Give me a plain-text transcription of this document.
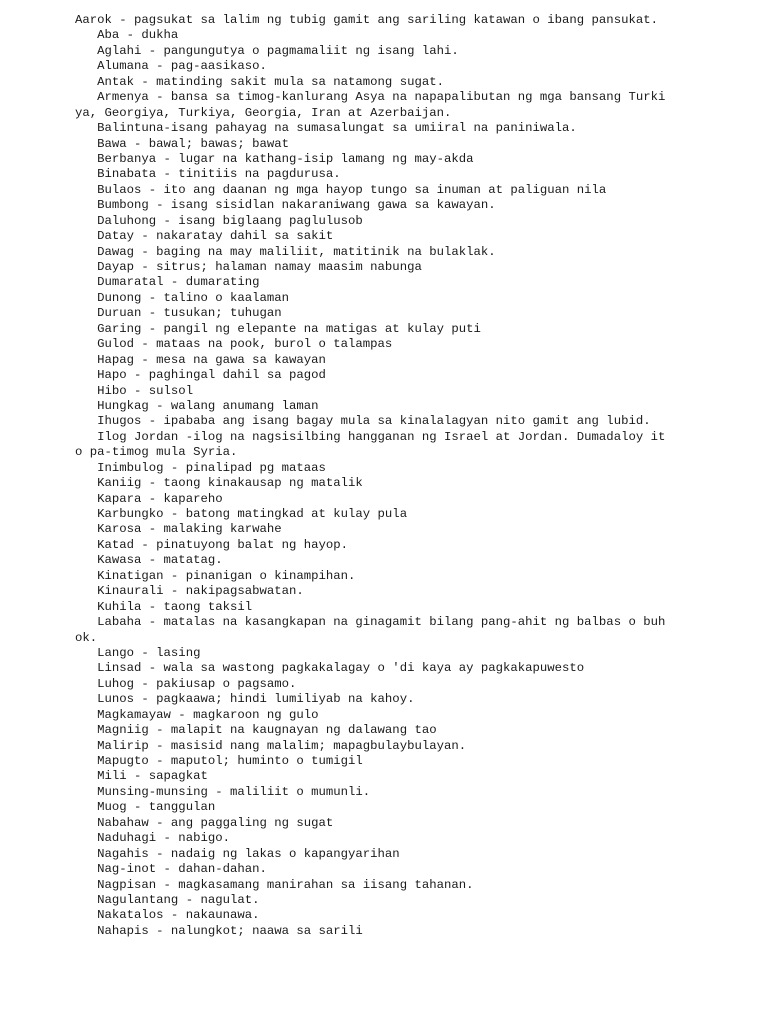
Aarok - pagsukat sa lalim ng tubig gamit ang sariling katawan o ibang pansukat.
Aba - dukha
Aglahi - pangungutya o pagmamaliit ng isang lahi.
Alumana - pag-aasikaso.
Antak - matinding sakit mula sa natamong sugat.
Armenya - bansa sa timog-kanlurang Asya na napapalibutan ng mga bansang Turki
ya, Georgiya, Turkiya, Georgia, Iran at Azerbaijan.
Balintuna-isang pahayag na sumasalungat sa umiiral na paniniwala.
Bawa - bawal; bawas; bawat
Berbanya - lugar na kathang-isip lamang ng may-akda
Binabata - tinitiis na pagdurusa.
Bulaos - ito ang daanan ng mga hayop tungo sa inuman at paliguan nila
Bumbong - isang sisidlan nakaraniwang gawa sa kawayan.
Daluhong - isang biglaang paglulusob
Datay - nakaratay dahil sa sakit
Dawag - baging na may maliliit, matitinik na bulaklak.
Dayap - sitrus; halaman namay maasim nabunga
Dumaratal - dumarating
Dunong - talino o kaalaman
Duruan - tusukan; tuhugan
Garing - pangil ng elepante na matigas at kulay puti
Gulod - mataas na pook, burol o talampas
Hapag - mesa na gawa sa kawayan
Hapo - paghingal dahil sa pagod
Hibo - sulsol
Hungkag - walang anumang laman
Ihugos - ipababa ang isang bagay mula sa kinalalagyan nito gamit ang lubid.
Ilog Jordan -ilog na nagsisilbing hangganan ng Israel at Jordan. Dumadaloy it
o pa-timog mula Syria.
Inimbulog - pinalipad pg mataas
Kaniig - taong kinakausap ng matalik
Kapara - kapareho
Karbungko - batong matingkad at kulay pula
Karosa - malaking karwahe
Katad - pinatuyong balat ng hayop.
Kawasa - matatag.
Kinatigan - pinanigan o kinampihan.
Kinaurali - nakipagsabwatan.
Kuhila - taong taksil
Labaha - matalas na kasangkapan na ginagamit bilang pang-ahit ng balbas o buh
ok.
Lango - lasing
Linsad - wala sa wastong pagkakalagay o 'di kaya ay pagkakapuwesto
Luhog - pakiusap o pagsamo.
Lunos - pagkaawa; hindi lumiliyab na kahoy.
Magkamayaw - magkaroon ng gulo
Magniig - malapit na kaugnayan ng dalawang tao
Malirip - masisid nang malalim; mapagbulaybulayan.
Mapugto - maputol; huminto o tumigil
Mili - sapagkat
Munsing-munsing - maliliit o mumunli.
Muog - tanggulan
Nabahaw - ang paggaling ng sugat
Naduhagi - nabigo.
Nagahis - nadaig ng lakas o kapangyarihan
Nag-inot - dahan-dahan.
Nagpisan - magkasamang manirahan sa iisang tahanan.
Nagulantang - nagulat.
Nakatalos - nakaunawa.
Nahapis - nalungkot; naawa sa sarili
